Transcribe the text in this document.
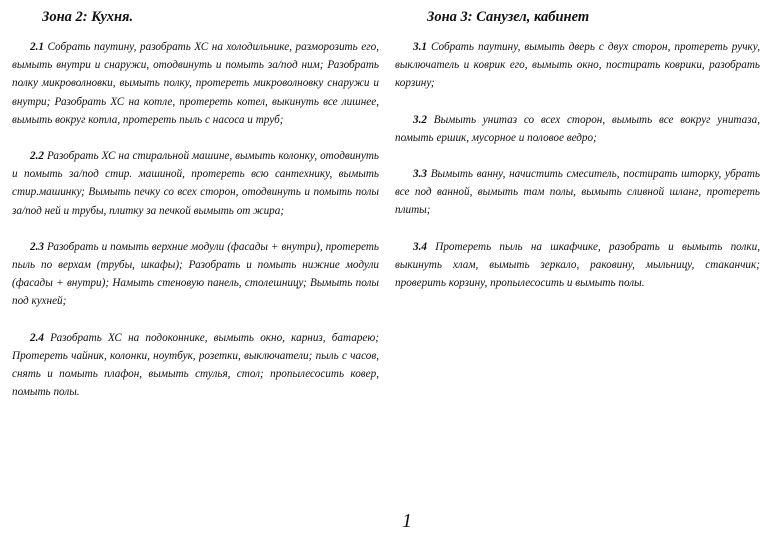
Зона 2: Кухня.

2.1 Собрать паутину, разобрать ХС на холодильнике, разморозить его, вымыть внутри и снаружи, отодвинуть и помыть за/под ним; Разобрать полку микроволновки, вымыть полку, протереть микроволновку снаружи и внутри; Разобрать ХС на котле, протереть котел, выкинуть все лишнее, вымыть вокруг котла, протереть пыль с насоса и труб;

2.2 Разобрать ХС на стиральной машине, вымыть колонку, отодвинуть и помыть за/под стир. машиной, протереть всю сантехнику, вымыть стир.машинку; Вымыть печку со всех сторон, отодвинуть и помыть полы за/под ней и трубы, плитку за печкой вымыть от жира;

2.3 Разобрать и помыть верхние модули (фасады + внутри), протереть пыль по верхам (трубы, шкафы); Разобрать и помыть нижние модули (фасады + внутри); Намыть стеновую панель, столешницу; Вымыть полы под кухней;

2.4 Разобрать ХС на подоконнике, вымыть окно, карниз, батарею; Протереть чайник, колонки, ноутбук, розетки, выключатели; пыль с часов, снять и помыть плафон, вымыть стулья, стол; пропылесосить ковер, помыть полы.

Зона 3: Санузел, кабинет

3.1 Собрать паутину, вымыть дверь с двух сторон, протереть ручку, выключатель и коврик его, вымыть окно, постирать коврики, разобрать корзину;

3.2 Вымыть унитаз со всех сторон, вымыть все вокруг унитаза, помыть ершик, мусорное и половое ведро;

3.3 Вымыть ванну, начистить смеситель, постирать шторку, убрать все под ванной, вымыть там полы, вымыть сливной шланг, протереть плиты;

3.4 Протереть пыль на шкафчике, разобрать и вымыть полки, выкинуть хлам, вымыть зеркало, раковину, мыльницу, стаканчик; проверить корзину, пропылесосить и вымыть полы.

1
